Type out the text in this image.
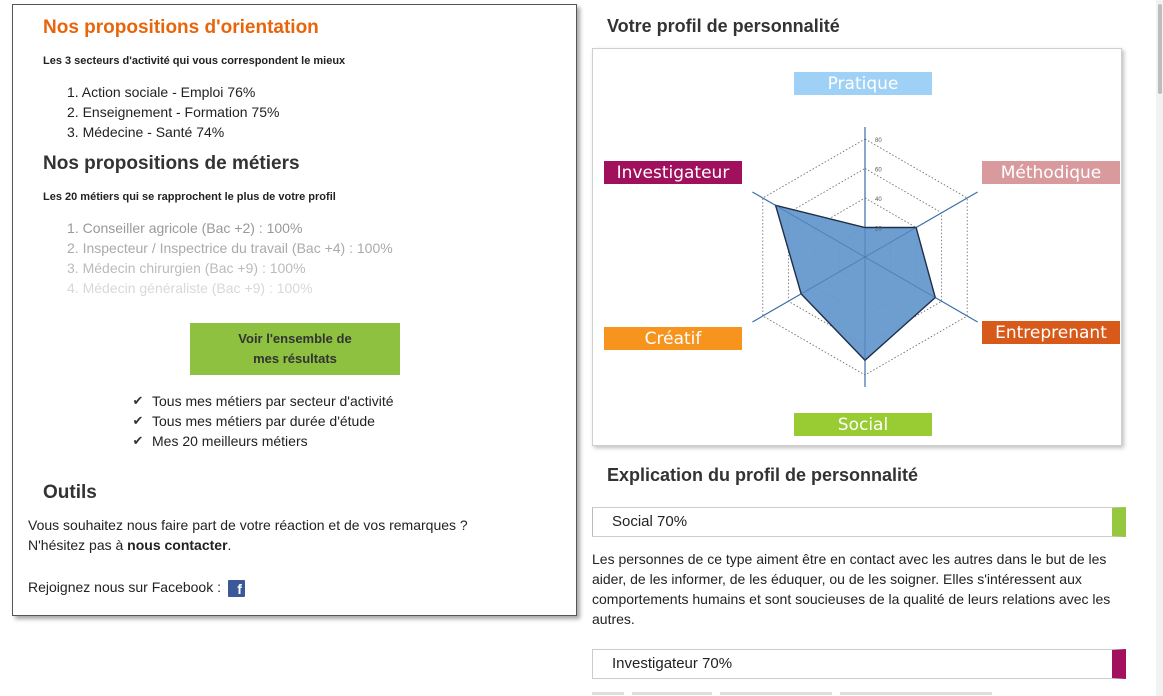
Nos propositions d'orientation
Les 3 secteurs d'activité qui vous correspondent le mieux
1. Action sociale - Emploi 76%
2. Enseignement - Formation 75%
3. Médecine - Santé 74%
Nos propositions de métiers
Les 20 métiers qui se rapprochent le plus de votre profil
1. Conseiller agricole (Bac +2) : 100%
2. Inspecteur / Inspectrice du travail (Bac +4) : 100%
3. Médecin chirurgien (Bac +9) : 100%
4. Médecin généraliste (Bac +9) : 100%
Voir l'ensemble de mes résultats
✔ Tous mes métiers par secteur d'activité
✔ Tous mes métiers par durée d'étude
✔ Mes 20 meilleurs métiers
Outils
Vous souhaitez nous faire part de votre réaction et de vos remarques ?
N'hésitez pas à nous contacter.
Rejoignez nous sur Facebook : f
Votre profil de personnalité
20
40
60
80
Pratique
Méthodique
Entreprenant
Social
Créatif
Investigateur
Explication du profil de personnalité
Social 70%
Les personnes de ce type aiment être en contact avec les autres dans le but de les aider, de les informer, de les éduquer, ou de les soigner. Elles s'intéressent aux comportements humains et sont soucieuses de la qualité de leurs relations avec les autres.
Investigateur 70%
